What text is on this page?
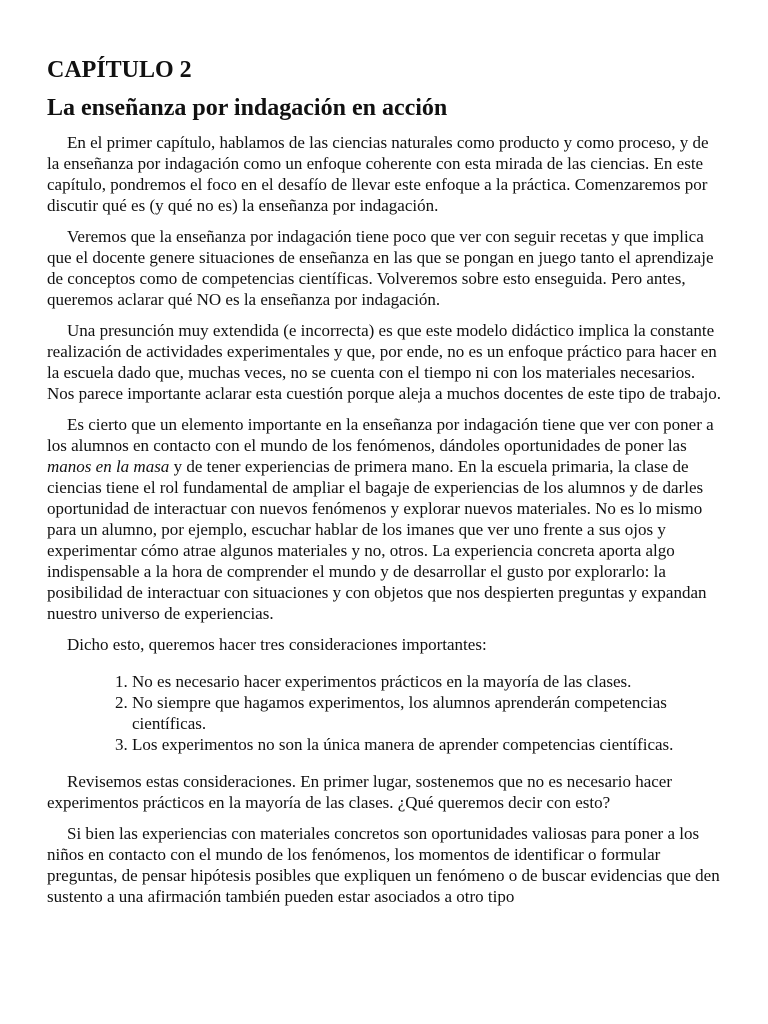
CAPÍTULO 2
La enseñanza por indagación en acción

En el primer capítulo, hablamos de las ciencias naturales como producto y como proceso, y de la enseñanza por indagación como un enfoque coherente con esta mirada de las ciencias. En este capítulo, pondremos el foco en el desafío de llevar este enfoque a la práctica. Comenzaremos por discutir qué es (y qué no es) la enseñanza por indagación.

Veremos que la enseñanza por indagación tiene poco que ver con seguir recetas y que implica que el docente genere situaciones de enseñanza en las que se pongan en juego tanto el aprendizaje de conceptos como de competencias científicas. Volveremos sobre esto enseguida. Pero antes, queremos aclarar qué NO es la enseñanza por indagación.

Una presunción muy extendida (e incorrecta) es que este modelo didáctico implica la constante realización de actividades experimentales y que, por ende, no es un enfoque práctico para hacer en la escuela dado que, muchas veces, no se cuenta con el tiempo ni con los materiales necesarios. Nos parece importante aclarar esta cuestión porque aleja a muchos docentes de este tipo de trabajo.

Es cierto que un elemento importante en la enseñanza por indagación tiene que ver con poner a los alumnos en contacto con el mundo de los fenómenos, dándoles oportunidades de poner las manos en la masa y de tener experiencias de primera mano. En la escuela primaria, la clase de ciencias tiene el rol fundamental de ampliar el bagaje de experiencias de los alumnos y de darles oportunidad de interactuar con nuevos fenómenos y explorar nuevos materiales. No es lo mismo para un alumno, por ejemplo, escuchar hablar de los imanes que ver uno frente a sus ojos y experimentar cómo atrae algunos materiales y no, otros. La experiencia concreta aporta algo indispensable a la hora de comprender el mundo y de desarrollar el gusto por explorarlo: la posibilidad de interactuar con situaciones y con objetos que nos despierten preguntas y expandan nuestro universo de experiencias.

Dicho esto, queremos hacer tres consideraciones importantes:

1. No es necesario hacer experimentos prácticos en la mayoría de las clases.
2. No siempre que hagamos experimentos, los alumnos aprenderán competencias científicas.
3. Los experimentos no son la única manera de aprender competencias científicas.

Revisemos estas consideraciones. En primer lugar, sostenemos que no es necesario hacer experimentos prácticos en la mayoría de las clases. ¿Qué queremos decir con esto?

Si bien las experiencias con materiales concretos son oportunidades valiosas para poner a los niños en contacto con el mundo de los fenómenos, los momentos de identificar o formular preguntas, de pensar hipótesis posibles que expliquen un fenómeno o de buscar evidencias que den sustento a una afirmación también pueden estar asociados a otro tipo
